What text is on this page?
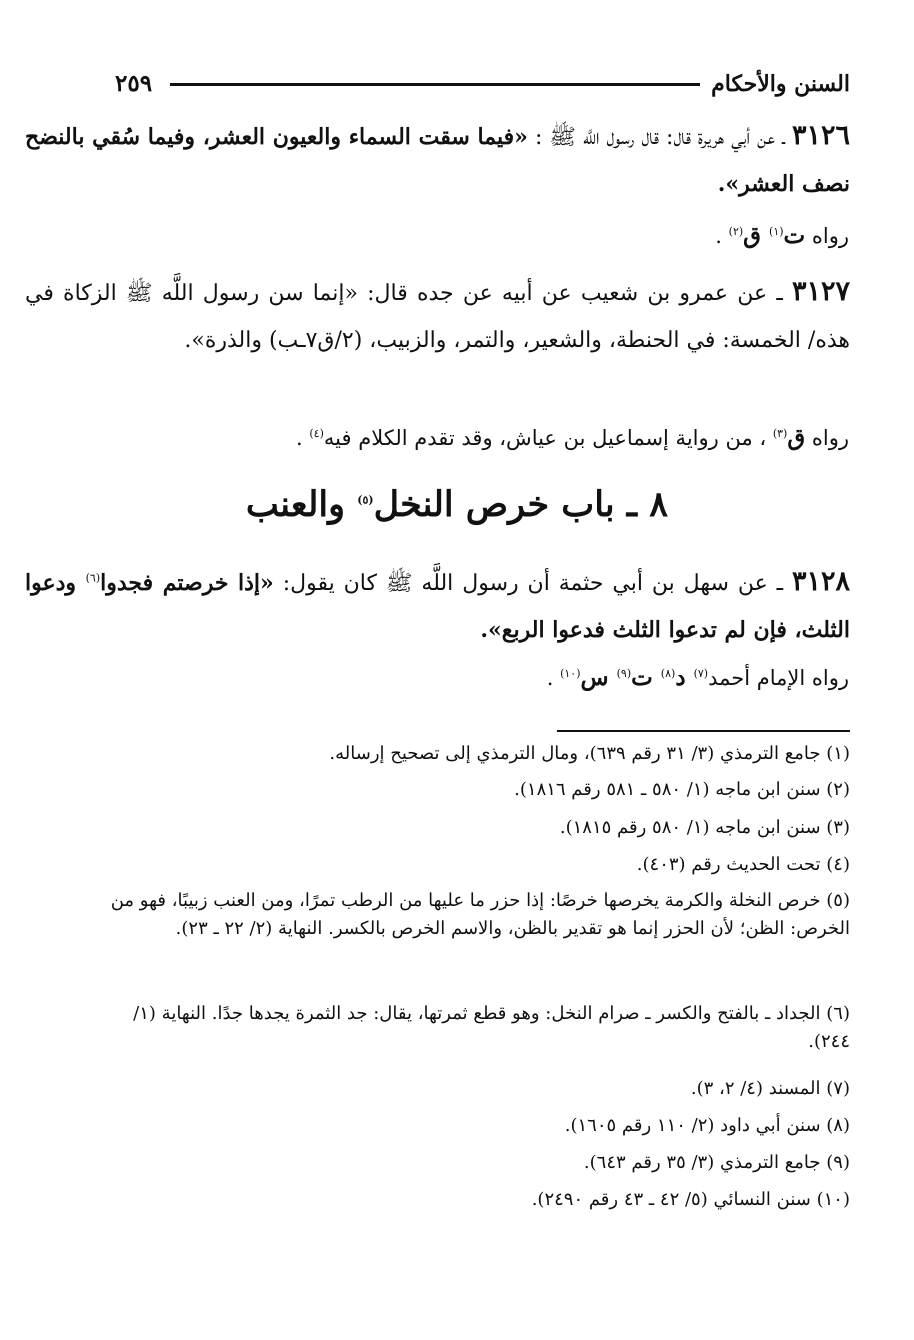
٢٥٩	السنن والأحكام
٣١٢٦ ـ عن أبي هريرة قال: قال رسول اللَّه ﷺ : «فيما سقت السماء والعيون العشر، وفيما سُقي بالنضح نصف العشر».
رواه ت$^{(١)}$ ق$^{(٢)}$ .
٣١٢٧ ـ عن عمرو بن شعيب عن أبيه عن جده قال: «إنما سن رسول اللَّه ﷺ الزكاة في هذه/ الخمسة: في الحنطة، والشعير، والتمر، والزبيب، (٢/ق٧ـب) والذرة».
رواه ق$^{(٣)}$ ، من رواية إسماعيل بن عياش، وقد تقدم الكلام فيه$^{(٤)}$ .
٨ ـ باب خرص النخل$^{(٥)}$ والعنب
٣١٢٨ ـ عن سهل بن أبي حثمة أن رسول اللَّه ﷺ كان يقول: «إذا خرصتم فجدوا$^{(٦)}$ ودعوا الثلث، فإن لم تدعوا الثلث فدعوا الربع».
رواه الإمام أحمد$^{(٧)}$ د$^{(٨)}$ ت$^{(٩)}$ س$^{(١٠)}$ .
(١) جامع الترمذي (٣/ ٣١ رقم ٦٣٩)، ومال الترمذي إلى تصحيح إرساله.
(٢) سنن ابن ماجه (١/ ٥٨٠ ـ ٥٨١ رقم ١٨١٦).
(٣) سنن ابن ماجه (١/ ٥٨٠ رقم ١٨١٥).
(٤) تحت الحديث رقم (٤٠٣).
(٥) خرص النخلة والكرمة يخرصها خرصًا: إذا حزر ما عليها من الرطب تمرًا، ومن العنب زبيبًا، فهو من الخرص: الظن؛ لأن الحزر إنما هو تقدير بالظن، والاسم الخرص بالكسر. النهاية (٢/ ٢٢ ـ ٢٣).
(٦) الجداد ـ بالفتح والكسر ـ صرام النخل: وهو قطع ثمرتها، يقال: جد الثمرة يجدها جدًا. النهاية (١/ ٢٤٤).
(٧) المسند (٤/ ٢، ٣).
(٨) سنن أبي داود (٢/ ١١٠ رقم ١٦٠٥).
(٩) جامع الترمذي (٣/ ٣٥ رقم ٦٤٣).
(١٠) سنن النسائي (٥/ ٤٢ ـ ٤٣ رقم ٢٤٩٠).
